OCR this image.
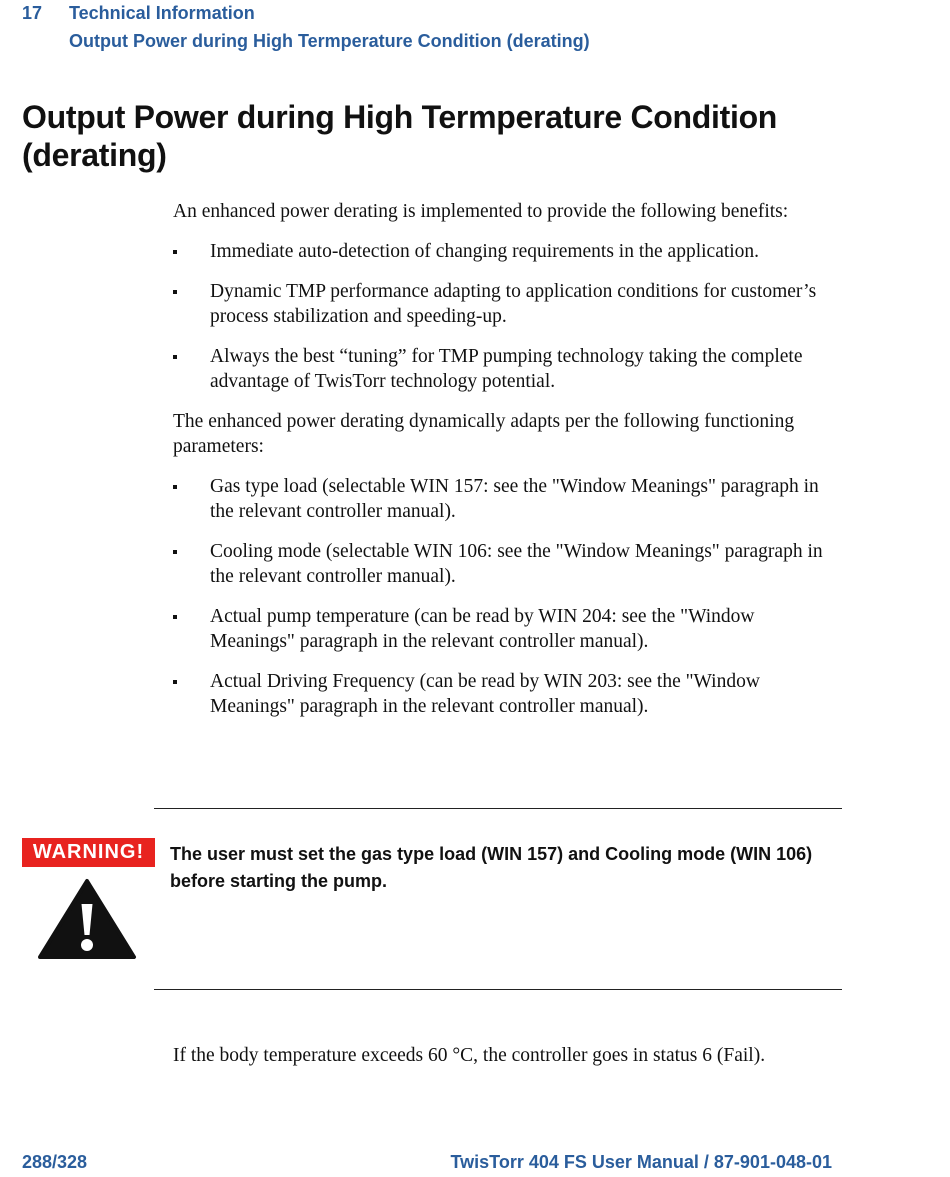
17 Technical Information
Output Power during High Termperature Condition (derating)
Output Power during High Termperature Condition (derating)

An enhanced power derating is implemented to provide the following benefits:

Immediate auto-detection of changing requirements in the application.
Dynamic TMP performance adapting to application conditions for customer’s process stabilization and speeding-up.
Always the best “tuning” for TMP pumping technology taking the complete advantage of TwisTorr technology potential.

The enhanced power derating dynamically adapts per the following functioning parameters:

Gas type load (selectable WIN 157: see the "Window Meanings" paragraph in the relevant controller manual).
Cooling mode (selectable WIN 106: see the "Window Meanings" paragraph in the relevant controller manual).
Actual pump temperature (can be read by WIN 204: see the "Window Meanings" paragraph in the relevant controller manual).
Actual Driving Frequency (can be read by WIN 203: see the "Window Meanings" paragraph in the relevant controller manual).
WARNING!	The user must set the gas type load (WIN 157) and Cooling mode (WIN 106) before starting the pump.

If the body temperature exceeds 60 °C, the controller goes in status 6 (Fail).

288/328	TwisTorr 404 FS User Manual / 87-901-048-01
